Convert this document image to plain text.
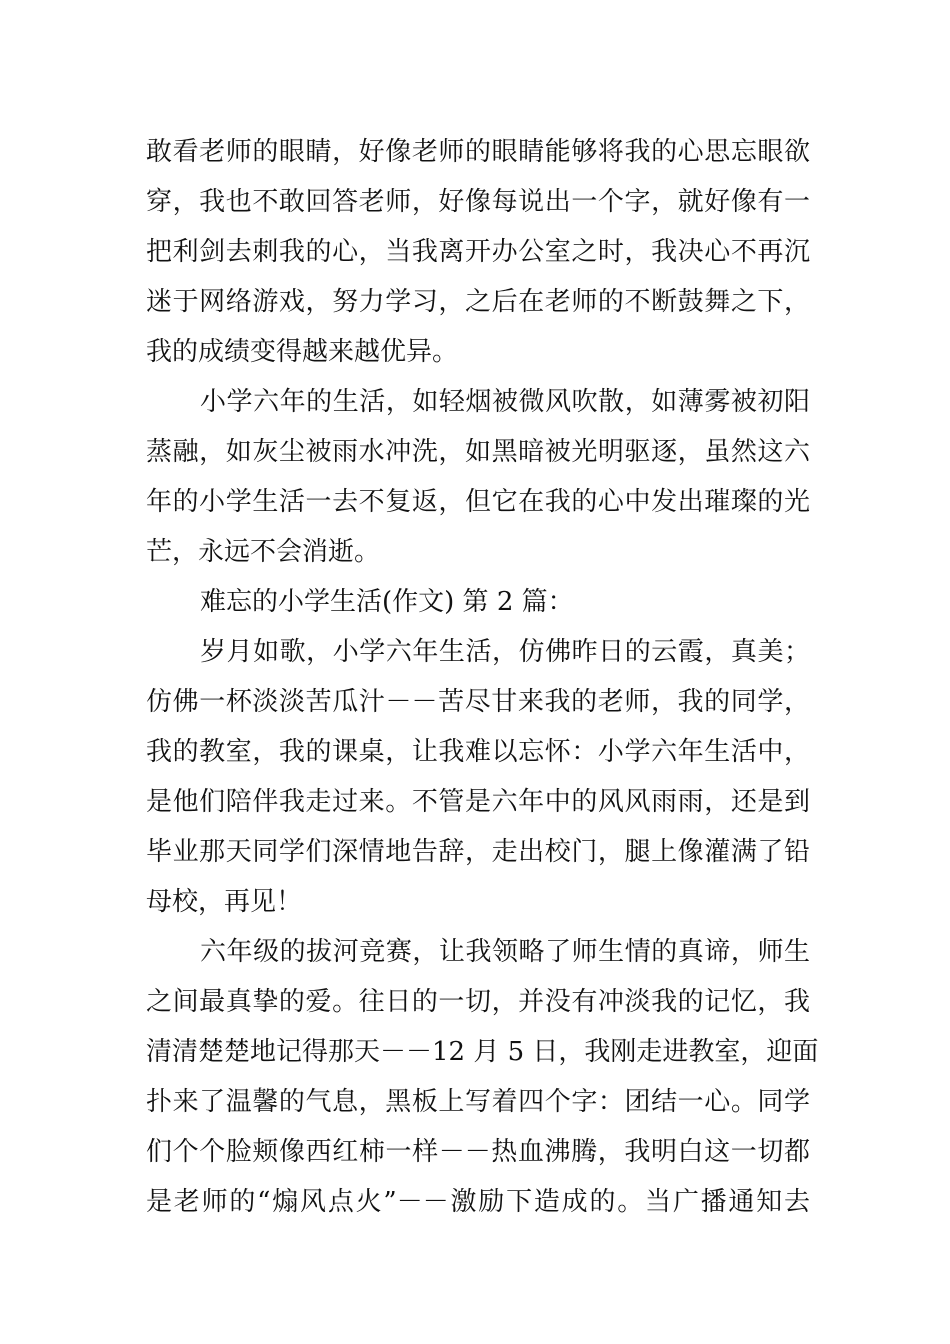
敢看老师的眼睛，好像老师的眼睛能够将我的心思忘眼欲
穿，我也不敢回答老师，好像每说出一个字，就好像有一
把利剑去刺我的心，当我离开办公室之时，我决心不再沉
迷于网络游戏，努力学习，之后在老师的不断鼓舞之下，
我的成绩变得越来越优异。
小学六年的生活，如轻烟被微风吹散，如薄雾被初阳
蒸融，如灰尘被雨水冲洗，如黑暗被光明驱逐，虽然这六
年的小学生活一去不复返，但它在我的心中发出璀璨的光
芒，永远不会消逝。
难忘的小学生活(作文) 第 2 篇：
岁月如歌，小学六年生活，仿佛昨日的云霞，真美；
仿佛一杯淡淡苦瓜汁－－苦尽甘来我的老师，我的同学，
我的教室，我的课桌，让我难以忘怀：小学六年生活中，
是他们陪伴我走过来。不管是六年中的风风雨雨，还是到
毕业那天同学们深情地告辞，走出校门，腿上像灌满了铅
母校，再见！
六年级的拔河竞赛，让我领略了师生情的真谛，师生
之间最真挚的爱。往日的一切，并没有冲淡我的记忆，我
清清楚楚地记得那天－－12 月 5 日，我刚走进教室，迎面
扑来了温馨的气息，黑板上写着四个字：团结一心。同学
们个个脸颊像西红柿一样－－热血沸腾，我明白这一切都
是老师的“煽风点火”－－激励下造成的。当广播通知去
